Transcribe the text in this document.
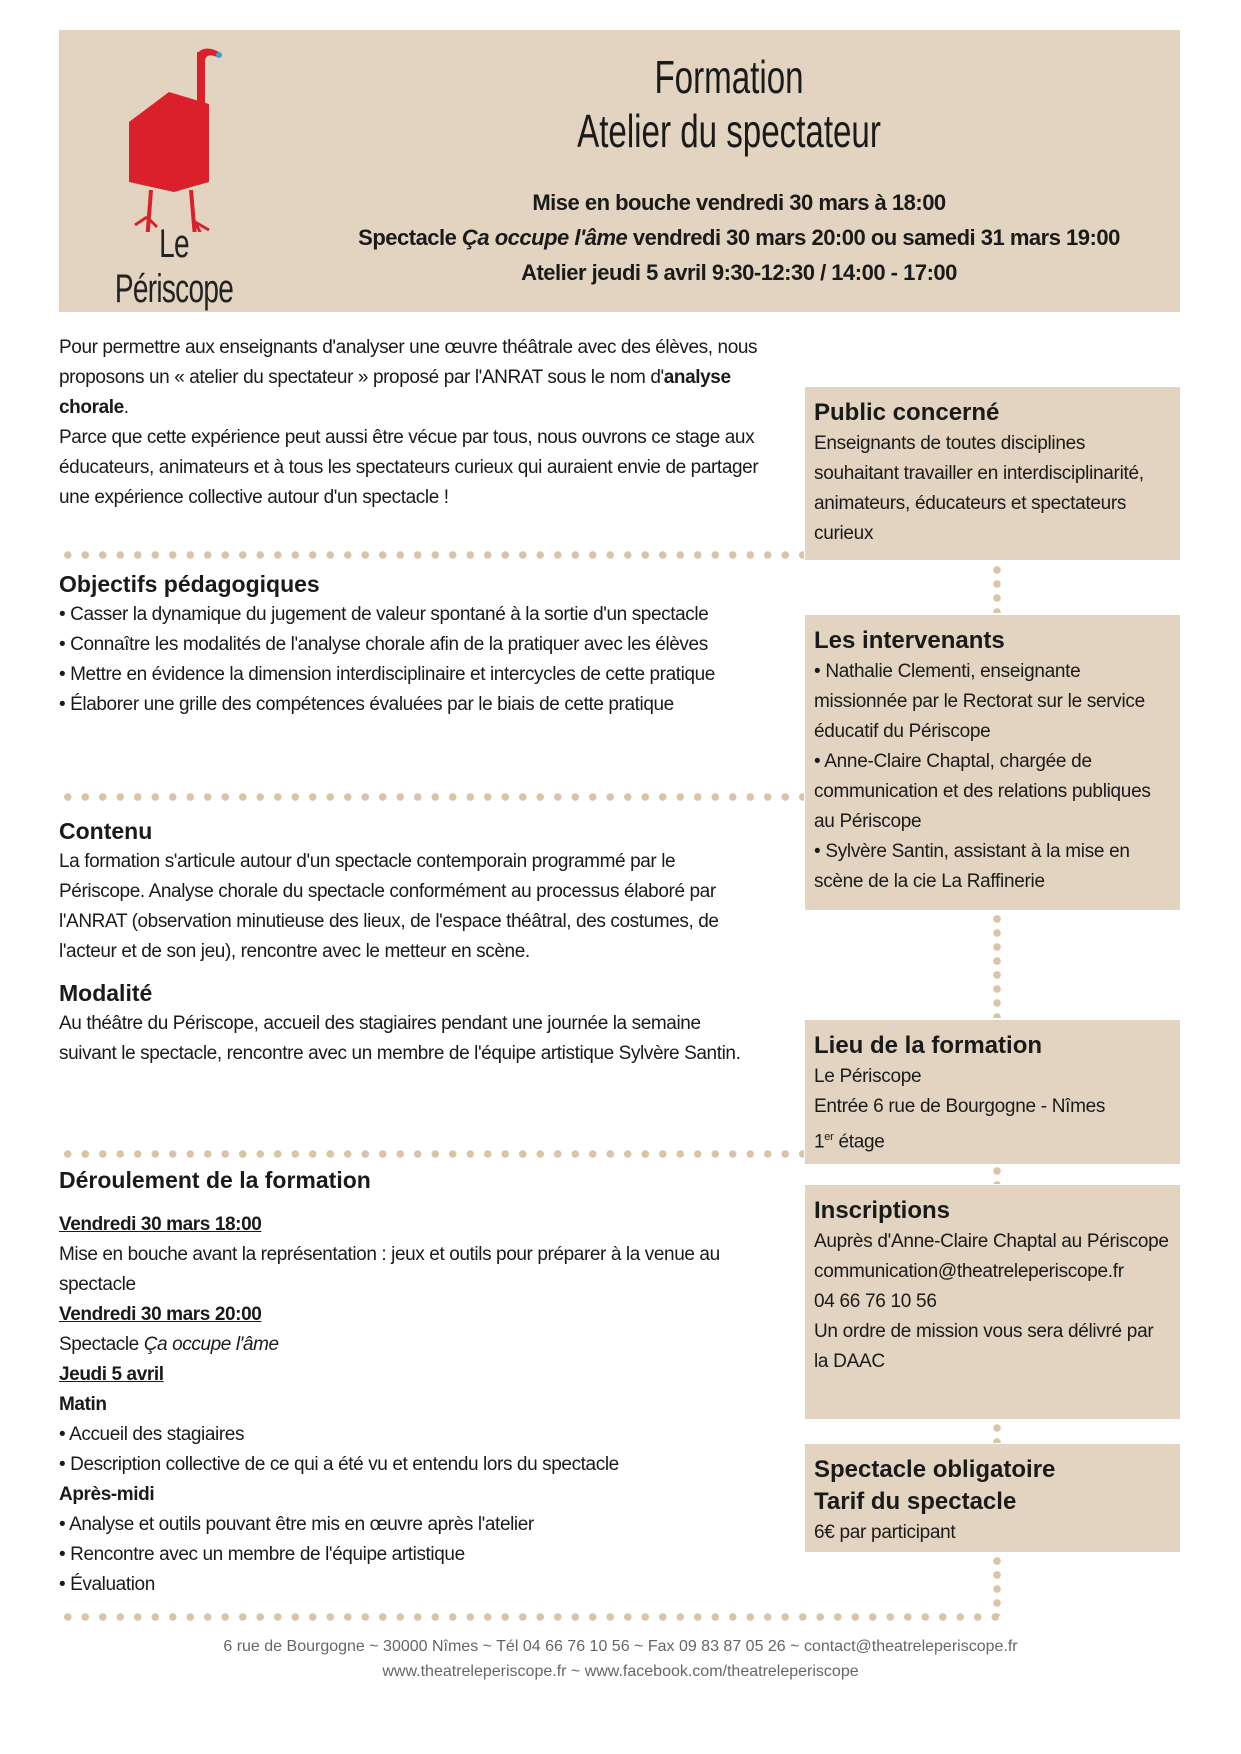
Le Périscope
Formation
Atelier du spectateur
Mise en bouche vendredi 30 mars à 18:00
Spectacle Ça occupe l'âme vendredi 30 mars 20:00 ou samedi 31 mars 19:00
Atelier jeudi 5 avril 9:30-12:30 / 14:00 - 17:00

Pour permettre aux enseignants d'analyser une œuvre théâtrale avec des élèves, nous proposons un « atelier du spectateur » proposé par l'ANRAT sous le nom d'analyse chorale.

Parce que cette expérience peut aussi être vécue par tous, nous ouvrons ce stage aux éducateurs, animateurs et à tous les spectateurs curieux qui auraient envie de partager une expérience collective autour d'un spectacle !

Objectifs pédagogiques

• Casser la dynamique du jugement de valeur spontané à la sortie d'un spectacle

• Connaître les modalités de l'analyse chorale afin de la pratiquer avec les élèves

• Mettre en évidence la dimension interdisciplinaire et intercycles de cette pratique

• Élaborer une grille des compétences évaluées par le biais de cette pratique

Contenu

La formation s'articule autour d'un spectacle contemporain programmé par le Périscope. Analyse chorale du spectacle conformément au processus élaboré par l'ANRAT (observation minutieuse des lieux, de l'espace théâtral, des costumes, de l'acteur et de son jeu), rencontre avec le metteur en scène.

Modalité

Au théâtre du Périscope, accueil des stagiaires pendant une journée la semaine suivant le spectacle, rencontre avec un membre de l'équipe artistique Sylvère Santin.

Déroulement de la formation

Vendredi 30 mars 18:00

Mise en bouche avant la représentation : jeux et outils pour préparer à la venue au spectacle

Vendredi 30 mars 20:00

Spectacle Ça occupe l'âme

Jeudi 5 avril

Matin

• Accueil des stagiaires

• Description collective de ce qui a été vu et entendu lors du spectacle

Après-midi

• Analyse et outils pouvant être mis en œuvre après l'atelier

• Rencontre avec un membre de l'équipe artistique

• Évaluation

Public concerné

Enseignants de toutes disciplines souhaitant travailler en interdisciplinarité, animateurs, éducateurs et spectateurs curieux

Les intervenants

• Nathalie Clementi, enseignante missionnée par le Rectorat sur le service éducatif du Périscope

• Anne-Claire Chaptal, chargée de communication et des relations publiques au Périscope

• Sylvère Santin, assistant à la mise en scène de la cie La Raffinerie

Lieu de la formation

Le Périscope

Entrée 6 rue de Bourgogne - Nîmes

1er étage

Inscriptions

Auprès d'Anne-Claire Chaptal au Périscope

communication@theatreleperiscope.fr

04 66 76 10 56

Un ordre de mission vous sera délivré par la DAAC

Spectacle obligatoire
Tarif du spectacle

6€ par participant

6 rue de Bourgogne ~ 30000 Nîmes ~ Tél 04 66 76 10 56 ~ Fax 09 83 87 05 26 ~ contact@theatreleperiscope.fr
www.theatreleperiscope.fr ~ www.facebook.com/theatreleperiscope
